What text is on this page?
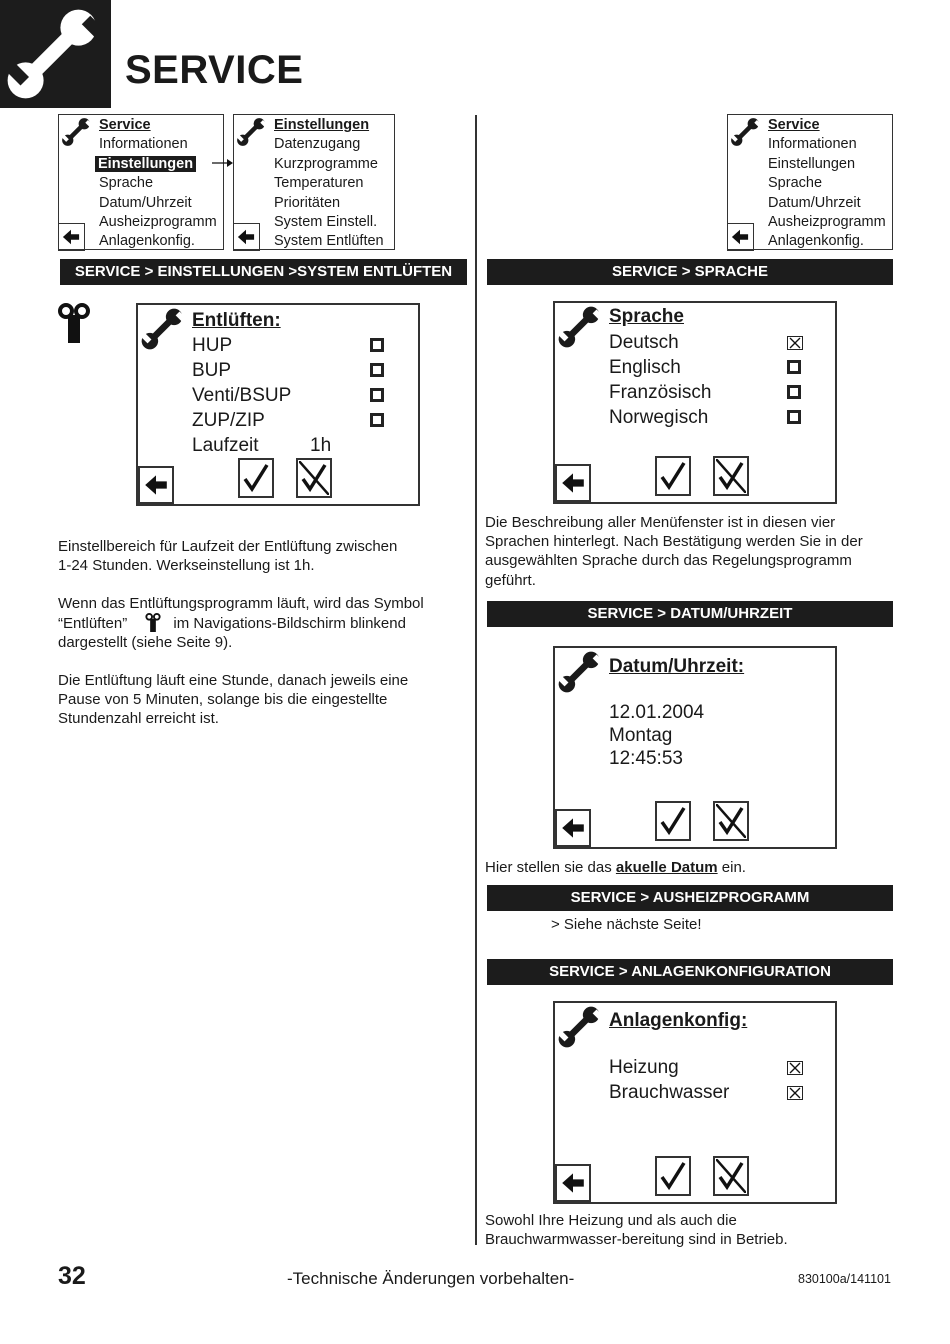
SERVICE
Service
Informationen
Einstellungen
Sprache
Datum/Uhrzeit
Ausheizprogramm
Anlagenkonfig.
Einstellungen
Datenzugang
Kurzprogramme
Temperaturen
Prioritäten
System Einstell.
System Entlüften
Service
Informationen
Einstellungen
Sprache
Datum/Uhrzeit
Ausheizprogramm
Anlagenkonfig.
SERVICE > EINSTELLUNGEN >SYSTEM ENTLÜFTEN	SERVICE > SPRACHE
SERVICE > DATUM/UHRZEIT
SERVICE > AUSHEIZPROGRAMM
SERVICE > ANLAGENKONFIGURATION
Entlüften:
HUP
BUP
Venti/BSUP
ZUP/ZIP
Laufzeit	1h
Einstellbereich für Laufzeit der Entlüftung zwischen
1-24 Stunden. Werkseinstellung ist 1h.
Wenn das Entlüftungsprogramm läuft, wird das Symbol
“Entlüften”	im Navigations-Bildschirm blinkend
dargestellt (siehe Seite 9).
Die Entlüftung läuft eine Stunde, danach jeweils eine
Pause von 5 Minuten, solange bis die eingestellte
Stundenzahl erreicht ist.
Sprache
Deutsch
Englisch
Französisch
Norwegisch
Die Beschreibung aller Menüfenster ist in diesen vier
Sprachen hinterlegt. Nach Bestätigung werden Sie in der
ausgewählten Sprache durch das Regelungsprogramm
geführt.
Datum/Uhrzeit:
12.01.2004
Montag
12:45:53
Hier stellen sie das akuelle Datum ein.
> Siehe nächste Seite!
Anlagenkonfig:
Heizung
Brauchwasser
Sowohl Ihre Heizung und als auch die
Brauchwarmwasser-bereitung sind in Betrieb.
32	-Technische Änderungen vorbehalten-	830100a/141101
